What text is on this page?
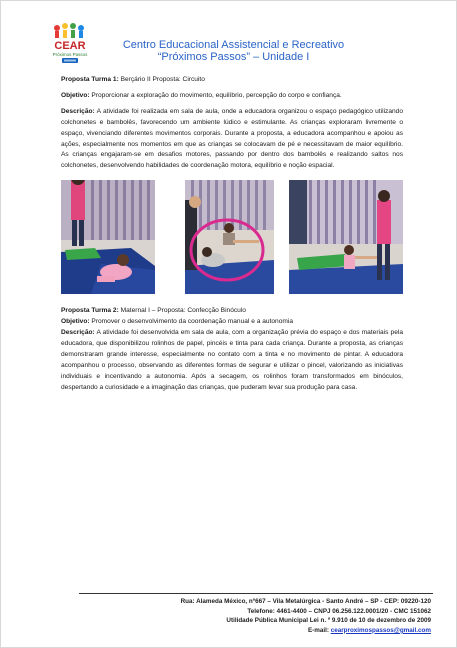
CEAR
Próximos Passos
Centro Educacional Assistencial e Recreativo
“Próximos Passos” – Unidade I

Proposta Turma 1: Berçário II Proposta: Circuito

Objetivo: Proporcionar a exploração do movimento, equilíbrio, percepção do corpo e confiança.

Descrição: A atividade foi realizada em sala de aula, onde a educadora organizou o espaço pedagógico utilizando colchonetes e bambolês, favorecendo um ambiente lúdico e estimulante. As crianças exploraram livremente o espaço, vivenciando diferentes movimentos corporais. Durante a proposta, a educadora acompanhou e apoiou as ações, especialmente nos momentos em que as crianças se colocavam de pé e necessitavam de maior equilíbrio. As crianças engajaram-se em desafios motores, passando por dentro dos bambolês e realizando saltos nos colchonetes, desenvolvendo habilidades de coordenação motora, equilíbrio e noção espacial.

Proposta Turma 2: Maternal I – Proposta: Confecção Binóculo

Objetivo: Promover o desenvolvimento da coordenação manual e a autonomia

Descrição: A atividade foi desenvolvida em sala de aula, com a organização prévia do espaço e dos materiais pela educadora, que disponibilizou rolinhos de papel, pincéis e tinta para cada criança. Durante a proposta, as crianças demonstraram grande interesse, especialmente no contato com a tinta e no movimento de pintar. A educadora acompanhou o processo, observando as diferentes formas de segurar e utilizar o pincel, valorizando as iniciativas individuais e incentivando a autonomia. Após a secagem, os rolinhos foram transformados em binóculos, despertando a curiosidade e a imaginação das crianças, que puderam levar sua produção para casa.

Rua: Alameda México, nº667 – Vila Metalúrgica - Santo André – SP - CEP: 09220-120
Telefone: 4461-4400 – CNPJ 06.256.122.0001/20 - CMC 151062
Utilidade Pública Municipal Lei n. º 9.910 de 10 de dezembro de 2009
E-mail: cearproximospassos@gmail.com
